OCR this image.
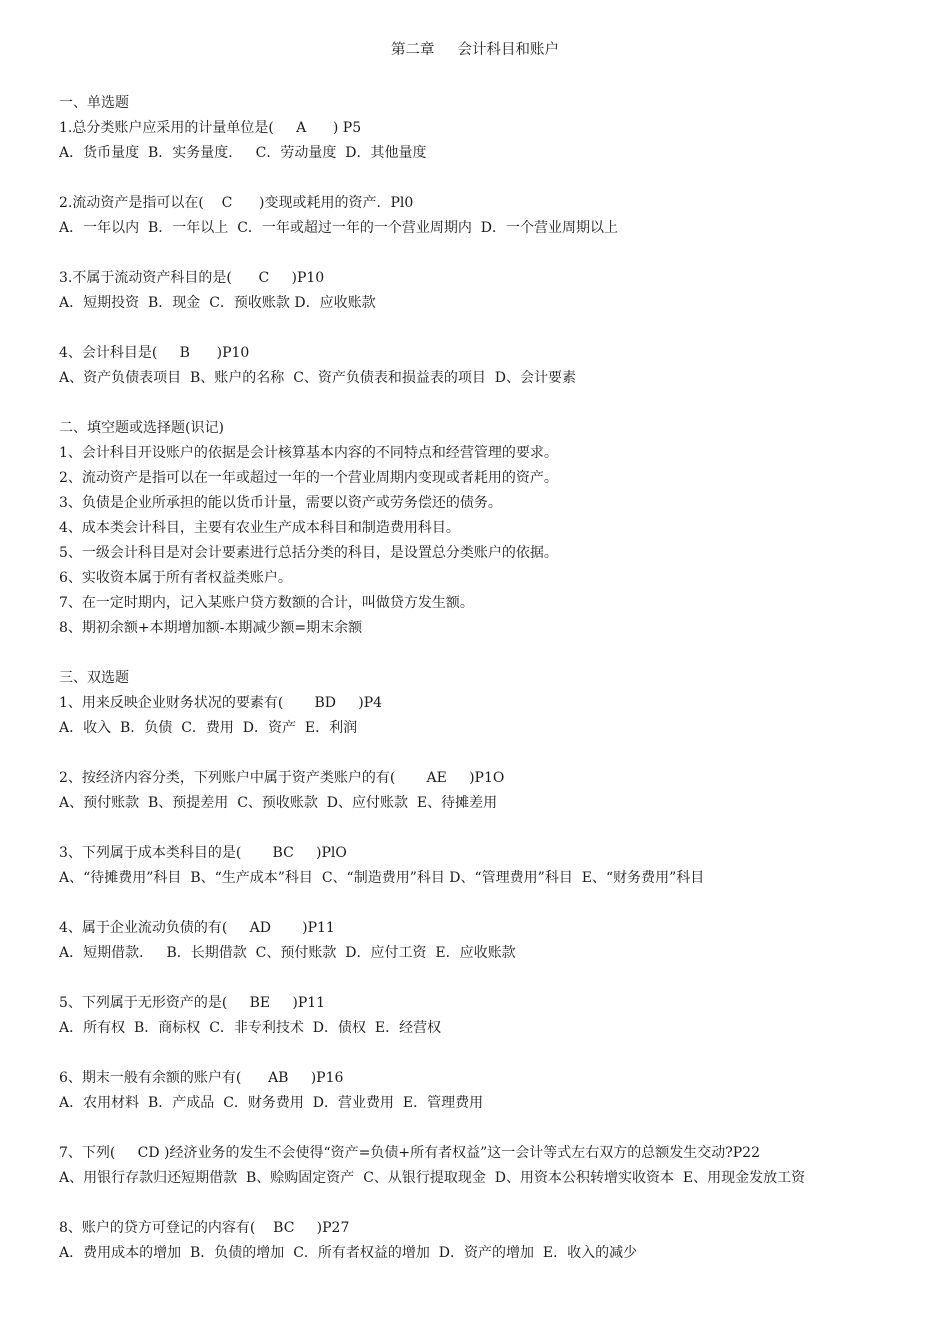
第二章     会计科目和账户
一、单选题
1.总分类账户应采用的计量单位是(     A      ) P5
A．货币量度  B．实务量度．   C．劳动量度  D．其他量度
2.流动资产是指可以在(    C      )变现或耗用的资产．Pl0
A．一年以内  B．一年以上  C．一年或超过一年的一个营业周期内  D．一个营业周期以上
3.不属于流动资产科目的是(      C     )P10
A．短期投资  B．现金  C．预收账款 D．应收账款
4、会计科目是(     B      )P10
A、资产负债表项目  B、账户的名称  C、资产负债表和损益表的项目  D、会计要素
二、填空题或选择题(识记)
1、会计科目开设账户的依据是会计核算基本内容的不同特点和经营管理的要求。
2、流动资产是指可以在一年或超过一年的一个营业周期内变现或者耗用的资产。
3、负债是企业所承担的能以货币计量，需要以资产或劳务偿还的债务。
4、成本类会计科目，主要有农业生产成本科目和制造费用科目。
5、一级会计科目是对会计要素进行总括分类的科目，是设置总分类账户的依据。
6、实收资本属于所有者权益类账户。
7、在一定时期内，记入某账户贷方数额的合计，叫做贷方发生额。
8、期初余额+本期增加额-本期减少额=期末余额
三、双选题
1、用来反映企业财务状况的要素有(       BD     )P4
A．收入  B．负债  C．费用  D．资产  E．利润
2、按经济内容分类，下列账户中属于资产类账户的有(       AE     )P1O
A、预付账款  B、预提差用  C、预收账款  D、应付账款  E、待摊差用
3、下列属于成本类科目的是(       BC     )PlO
A、“待摊费用”科目  B、“生产成本”科目  C、“制造费用”科目 D、“管理费用”科目  E、“财务费用”科目
4、属于企业流动负债的有(     AD       )P11
A．短期借款．   B．长期借款  C、预付账款  D．应付工资  E．应收账款
5、下列属于无形资产的是(     BE     )P11
A．所有权  B．商标权  C．非专利技术  D．债权  E．经营权
6、期末一般有余额的账户有(      AB     )P16
A．农用材料  B．产成品  C．财务费用  D．营业费用  E．管理费用
7、下列(     CD )经济业务的发生不会使得“资产=负债+所有者权益”这一会计等式左右双方的总额发生交动?P22
A、用银行存款归还短期借款  B、赊购固定资产  C、从银行提取现金  D、用资本公积转增实收资本  E、用现金发放工资
8、账户的贷方可登记的内容有(    BC     )P27
A．费用成本的增加  B．负债的增加  C．所有者权益的增加  D．资产的增加  E．收入的减少
